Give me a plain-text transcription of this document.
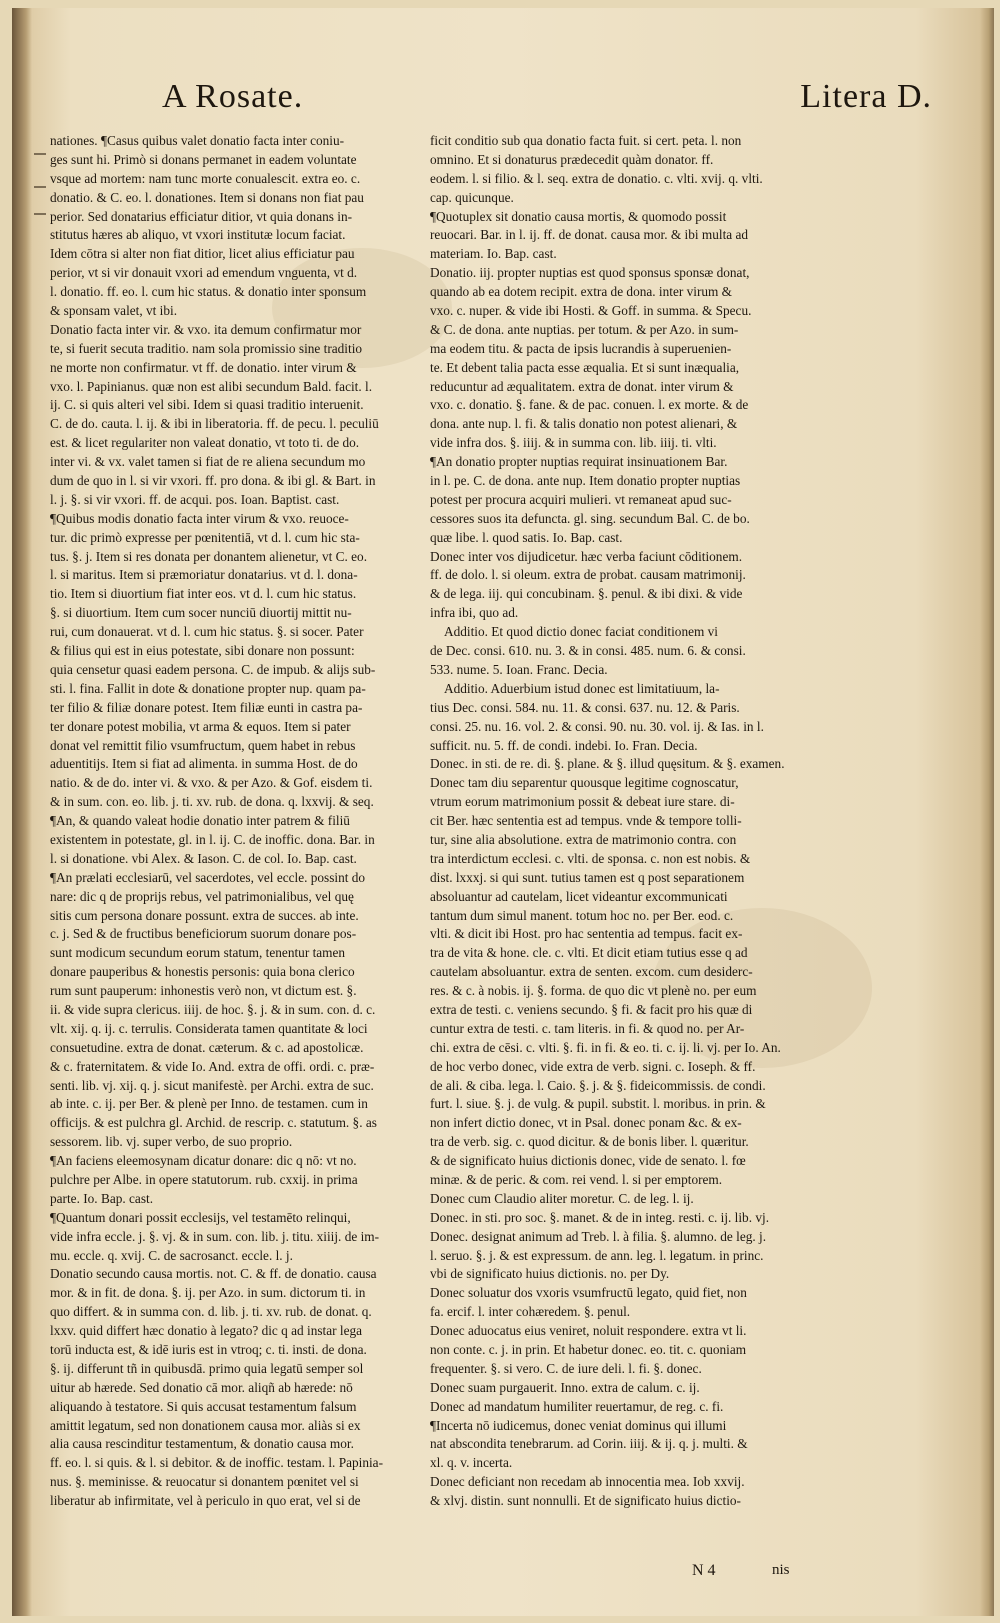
A Rosate.	Litera D.
nationes. ¶Casus quibus valet donatio facta inter coniu-
ges sunt hi. Primò si donans permanet in eadem voluntate
vsque ad mortem: nam tunc morte conualescit. extra eo. c.
donatio. & C. eo. l. donationes. Item si donans non fiat pau
perior. Sed donatarius efficiatur ditior, vt quia donans in-
stitutus hæres ab aliquo, vt vxori institutæ locum faciat.
Idem cōtra si alter non fiat ditior, licet alius efficiatur pau
perior, vt si vir donauit vxori ad emendum vnguenta, vt d.
l. donatio. ff. eo. l. cum hic status. & donatio inter sponsum
& sponsam valet, vt ibi.
Donatio facta inter vir. & vxo. ita demum confirmatur mor
te, si fuerit secuta traditio. nam sola promissio sine traditio
ne morte non confirmatur. vt ff. de donatio. inter virum &
vxo. l. Papinianus. quæ non est alibi secundum Bald. facit. l.
ij. C. si quis alteri vel sibi. Idem si quasi traditio interuenit.
C. de do. cauta. l. ij. & ibi in liberatoria. ff. de pecu. l. peculiū
est. & licet regulariter non valeat donatio, vt toto ti. de do.
inter vi. & vx. valet tamen si fiat de re aliena secundum mo
dum de quo in l. si vir vxori. ff. pro dona. & ibi gl. & Bart. in
l. j. §. si vir vxori. ff. de acqui. pos. Ioan. Baptist. cast.
¶Quibus modis donatio facta inter virum & vxo. reuoce-
tur. dic primò expresse per pœnitentiā, vt d. l. cum hic sta-
tus. §. j. Item si res donata per donantem alienetur, vt C. eo.
l. si maritus. Item si præmoriatur donatarius. vt d. l. dona-
tio. Item si diuortium fiat inter eos. vt d. l. cum hic status.
§. si diuortium. Item cum socer nunciū diuortij mittit nu-
rui, cum donauerat. vt d. l. cum hic status. §. si socer. Pater
& filius qui est in eius potestate, sibi donare non possunt:
quia censetur quasi eadem persona. C. de impub. & alijs sub-
sti. l. fina. Fallit in dote & donatione propter nup. quam pa-
ter filio & filiæ donare potest. Item filiæ eunti in castra pa-
ter donare potest mobilia, vt arma & equos. Item si pater
donat vel remittit filio vsumfructum, quem habet in rebus
aduentitijs. Item si fiat ad alimenta. in summa Host. de do
natio. & de do. inter vi. & vxo. & per Azo. & Gof. eisdem ti.
& in sum. con. eo. lib. j. ti. xv. rub. de dona. q. lxxvij. & seq.
¶An, & quando valeat hodie donatio inter patrem & filiū
existentem in potestate, gl. in l. ij. C. de inoffic. dona. Bar. in
l. si donatione. vbi Alex. & Iason. C. de col. Io. Bap. cast.
¶An prælati ecclesiarū, vel sacerdotes, vel eccle. possint do
nare: dic q de proprijs rebus, vel patrimonialibus, vel quę
sitis cum persona donare possunt. extra de succes. ab inte.
c. j. Sed & de fructibus beneficiorum suorum donare pos-
sunt modicum secundum eorum statum, tenentur tamen
donare pauperibus & honestis personis: quia bona clerico
rum sunt pauperum: inhonestis verò non, vt dictum est. §.
ii. & vide supra clericus. iiij. de hoc. §. j. & in sum. con. d. c.
vlt. xij. q. ij. c. terrulis. Considerata tamen quantitate & loci
consuetudine. extra de donat. cæterum. & c. ad apostolicæ.
& c. fraternitatem. & vide Io. And. extra de offi. ordi. c. præ-
senti. lib. vj. xij. q. j. sicut manifestè. per Archi. extra de suc.
ab inte. c. ij. per Ber. & plenè per Inno. de testamen. cum in
officijs. & est pulchra gl. Archid. de rescrip. c. statutum. §. as
sessorem. lib. vj. super verbo, de suo proprio.
¶An faciens eleemosynam dicatur donare: dic q nō: vt no.
pulchre per Albe. in opere statutorum. rub. cxxij. in prima
parte. Io. Bap. cast.
¶Quantum donari possit ecclesijs, vel testamēto relinqui,
vide infra eccle. j. §. vj. & in sum. con. lib. j. titu. xiiij. de im-
mu. eccle. q. xvij. C. de sacrosanct. eccle. l. j.
Donatio secundo causa mortis. not. C. & ff. de donatio. causa
mor. & in fit. de dona. §. ij. per Azo. in sum. dictorum ti. in
quo differt. & in summa con. d. lib. j. ti. xv. rub. de donat. q.
lxxv. quid differt hæc donatio à legato? dic q ad instar lega
torū inducta est, & idē iuris est in vtroq; c. ti. insti. de dona.
§. ij. differunt tñ in quibusdā. primo quia legatū semper sol
uitur ab hærede. Sed donatio cā mor. aliqñ ab hærede: nō
aliquando à testatore. Si quis accusat testamentum falsum
amittit legatum, sed non donationem causa mor. aliàs si ex
alia causa rescinditur testamentum, & donatio causa mor.
ff. eo. l. si quis. & l. si debitor. & de inoffic. testam. l. Papinia-
nus. §. meminisse. & reuocatur si donantem pœnitet vel si
liberatur ab infirmitate, vel à periculo in quo erat, vel si de
ficit conditio sub qua donatio facta fuit. si cert. peta. l. non
omnino. Et si donaturus prædecedit quàm donator. ff.
eodem. l. si filio. & l. seq. extra de donatio. c. vlti. xvij. q. vlti.
cap. quicunque.
¶Quotuplex sit donatio causa mortis, & quomodo possit
reuocari. Bar. in l. ij. ff. de donat. causa mor. & ibi multa ad
materiam. Io. Bap. cast.
Donatio. iij. propter nuptias est quod sponsus sponsæ donat,
quando ab ea dotem recipit. extra de dona. inter virum &
vxo. c. nuper. & vide ibi Hosti. & Goff. in summa. & Specu.
& C. de dona. ante nuptias. per totum. & per Azo. in sum-
ma eodem titu. & pacta de ipsis lucrandis à superuenien-
te. Et debent talia pacta esse æqualia. Et si sunt inæqualia,
reducuntur ad æqualitatem. extra de donat. inter virum &
vxo. c. donatio. §. fane. & de pac. conuen. l. ex morte. & de
dona. ante nup. l. fi. & talis donatio non potest alienari, &
vide infra dos. §. iiij. & in summa con. lib. iiij. ti. vlti.
¶An donatio propter nuptias requirat insinuationem Bar.
in l. pe. C. de dona. ante nup. Item donatio propter nuptias
potest per procura acquiri mulieri. vt remaneat apud suc-
cessores suos ita defuncta. gl. sing. secundum Bal. C. de bo.
quæ libe. l. quod satis. Io. Bap. cast.
Donec inter vos dijudicetur. hæc verba faciunt cōditionem.
ff. de dolo. l. si oleum. extra de probat. causam matrimonij.
& de lega. iij. qui concubinam. §. penul. & ibi dixi. & vide
infra ibi, quo ad.
Additio. Et quod dictio donec faciat conditionem vi
de Dec. consi. 610. nu. 3. & in consi. 485. num. 6. & consi.
533. nume. 5. Ioan. Franc. Decia.
Additio. Aduerbium istud donec est limitatiuum, la-
tius Dec. consi. 584. nu. 11. & consi. 637. nu. 12. & Paris.
consi. 25. nu. 16. vol. 2. & consi. 90. nu. 30. vol. ij. & Ias. in l.
sufficit. nu. 5. ff. de condi. indebi. Io. Fran. Decia.
Donec. in sti. de re. di. §. plane. & §. illud quęsitum. & §. examen.
Donec tam diu separentur quousque legitime cognoscatur,
vtrum eorum matrimonium possit & debeat iure stare. di-
cit Ber. hæc sententia est ad tempus. vnde & tempore tolli-
tur, sine alia absolutione. extra de matrimonio contra. con
tra interdictum ecclesi. c. vlti. de sponsa. c. non est nobis. &
dist. lxxxj. si qui sunt. tutius tamen est q post separationem
absoluantur ad cautelam, licet videantur excommunicati
tantum dum simul manent. totum hoc no. per Ber. eod. c.
vlti. & dicit ibi Host. pro hac sententia ad tempus. facit ex-
tra de vita & hone. cle. c. vlti. Et dicit etiam tutius esse q ad
cautelam absoluantur. extra de senten. excom. cum desiderc-
res. & c. à nobis. ij. §. forma. de quo dic vt plenè no. per eum
extra de testi. c. veniens secundo. § fi. & facit pro his quæ di
cuntur extra de testi. c. tam literis. in fi. & quod no. per Ar-
chi. extra de cēsi. c. vlti. §. fi. in fi. & eo. ti. c. ij. li. vj. per Io. An.
de hoc verbo donec, vide extra de verb. signi. c. Ioseph. & ff.
de ali. & ciba. lega. l. Caio. §. j. & §. fideicommissis. de condi.
furt. l. siue. §. j. de vulg. & pupil. substit. l. moribus. in prin. &
non infert dictio donec, vt in Psal. donec ponam &c. & ex-
tra de verb. sig. c. quod dicitur. & de bonis liber. l. quæritur.
& de significato huius dictionis donec, vide de senato. l. fœ
minæ. & de peric. & com. rei vend. l. si per emptorem.
Donec cum Claudio aliter moretur. C. de leg. l. ij.
Donec. in sti. pro soc. §. manet. & de in integ. resti. c. ij. lib. vj.
Donec. designat animum ad Treb. l. à filia. §. alumno. de leg. j.
l. seruo. §. j. & est expressum. de ann. leg. l. legatum. in princ.
vbi de significato huius dictionis. no. per Dy.
Donec soluatur dos vxoris vsumfructū legato, quid fiet, non
fa. ercif. l. inter cohæredem. §. penul.
Donec aduocatus eius veniret, noluit respondere. extra vt li.
non conte. c. j. in prin. Et habetur donec. eo. tit. c. quoniam
frequenter. §. si vero. C. de iure deli. l. fi. §. donec.
Donec suam purgauerit. Inno. extra de calum. c. ij.
Donec ad mandatum humiliter reuertamur, de reg. c. fi.
¶Incerta nō iudicemus, donec veniat dominus qui illumi
nat abscondita tenebrarum. ad Corin. iiij. & ij. q. j. multi. &
xl. q. v. incerta.
Donec deficiant non recedam ab innocentia mea. Iob xxvij.
& xlvj. distin. sunt nonnulli. Et de significato huius dictio-
N 4	nis
